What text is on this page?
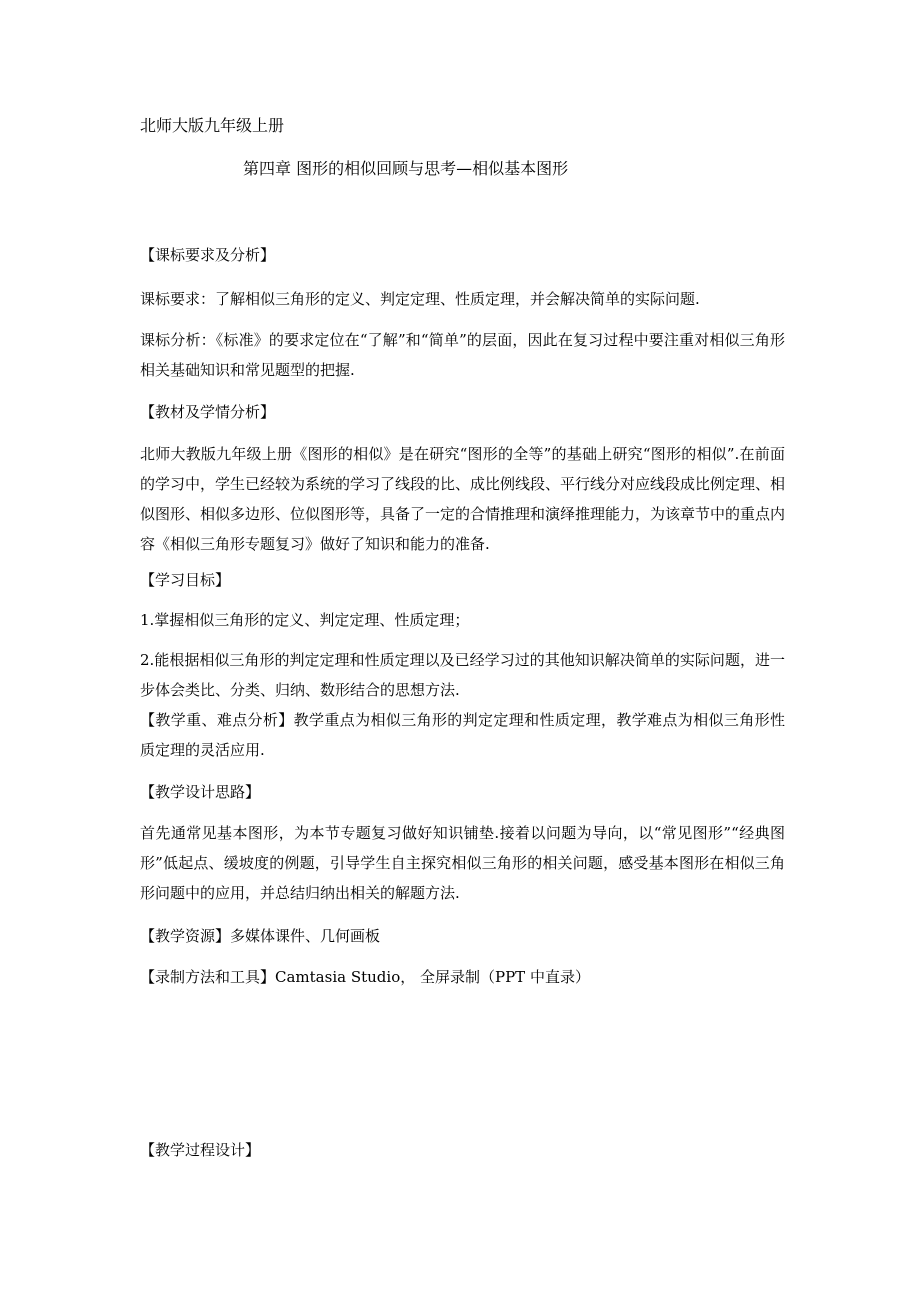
北师大版九年级上册
第四章 图形的相似回顾与思考—相似基本图形
【课标要求及分析】
课标要求：了解相似三角形的定义、判定定理、性质定理，并会解决简单的实际问题.
课标分析：《标准》的要求定位在“了解”和“简单”的层面，因此在复习过程中要注重对相似三角形相关基础知识和常见题型的把握.
【教材及学情分析】
北师大教版九年级上册《图形的相似》是在研究“图形的全等”的基础上研究“图形的相似”.在前面的学习中，学生已经较为系统的学习了线段的比、成比例线段、平行线分对应线段成比例定理、相似图形、相似多边形、位似图形等，具备了一定的合情推理和演绎推理能力，为该章节中的重点内容《相似三角形专题复习》做好了知识和能力的准备.
【学习目标】
1.掌握相似三角形的定义、判定定理、性质定理；
2.能根据相似三角形的判定定理和性质定理以及已经学习过的其他知识解决简单的实际问题，进一步体会类比、分类、归纳、数形结合的思想方法.
【教学重、难点分析】教学重点为相似三角形的判定定理和性质定理，教学难点为相似三角形性质定理的灵活应用.
【教学设计思路】
首先通常见基本图形，为本节专题复习做好知识铺垫.接着以问题为导向，以“常见图形”“经典图形”低起点、缓坡度的例题，引导学生自主探究相似三角形的相关问题，感受基本图形在相似三角形问题中的应用，并总结归纳出相关的解题方法.
【教学资源】多媒体课件、几何画板
【录制方法和工具】Camtasia Studio， 全屏录制（PPT 中直录）
【教学过程设计】
